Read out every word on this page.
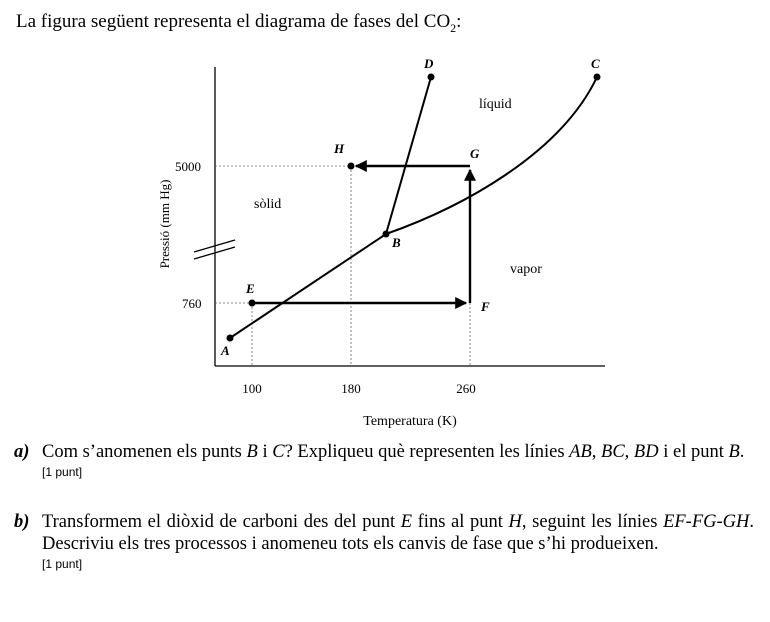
La figura següent representa el diagrama de fases del $CO_2$:
A
B
C
D
E
F
G
H
líquid
sòlid
vapor
5000
760
100	180	260
Pressió (mm Hg)
Temperatura (K)
a) Com s’anomenen els punts B i C? Expliqueu què representen les línies AB, BC, BD i el punt B.
[1 punt]
b) Transformem el diòxid de carboni des del punt E fins al punt H, seguint les línies EF-FG-GH. Descriviu els tres processos i anomeneu tots els canvis de fase que s’hi produeixen.
[1 punt]
